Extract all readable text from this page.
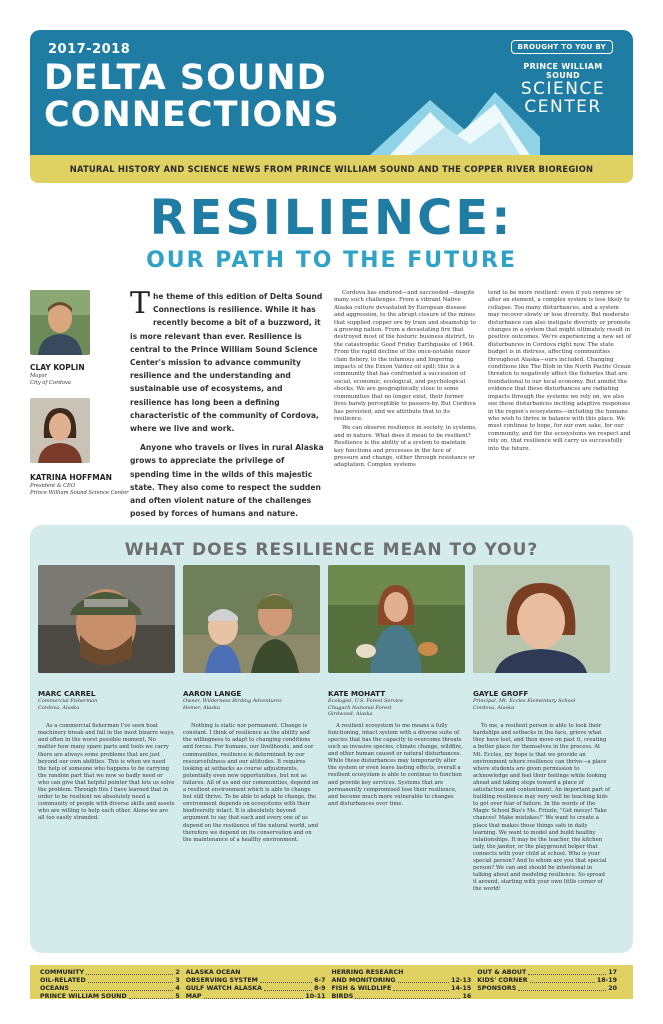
2017-2018
DELTA SOUND
CONNECTIONS
BROUGHT TO YOU BY
PRINCE WILLIAM SOUND
SCIENCE
CENTER
NATURAL HISTORY AND SCIENCE NEWS FROM PRINCE WILLIAM SOUND AND THE COPPER RIVER BIOREGION
RESILIENCE:
OUR PATH TO THE FUTURE
CLAY KOPLIN
Mayor
City of Cordova
KATRINA HOFFMAN
President & CEO
Prince William Sound Science Center

The theme of this edition of Delta Sound Connections is resilience. While it has recently become a bit of a buzzword, it is more relevant than ever. Resilience is central to the Prince William Sound Science Center's mission to advance community resilience and the understanding and sustainable use of ecosystems, and resilience has long been a defining characteristic of the community of Cordova, where we live and work.

Anyone who travels or lives in rural Alaska grows to appreciate the privilege of spending time in the wilds of this majestic state. They also come to respect the sudden and often violent nature of the challenges posed by forces of humans and nature.

Cordova has endured—and succeeded—despite many such challenges. From a vibrant Native Alaska culture devastated by European disease and aggression, to the abrupt closure of the mines that supplied copper ore by train and steamship to a growing nation. From a devastating fire that destroyed most of the historic business district, to the catastrophic Good Friday Earthquake of 1964. From the rapid decline of the once-notable razor clam fishery, to the infamous and lingering impacts of the Exxon Valdez oil spill; this is a community that has confronted a succession of social, economic, ecological, and psychological shocks. We are geographically close to some communities that no longer exist, their former lives barely perceptible to passers-by. But Cordova has persisted, and we attribute that to its resilience.

We can observe resilience in society, in systems, and in nature. What does it mean to be resilient? Resilience is the ability of a system to maintain key functions and processes in the face of pressure and change, either through resistance or adaptation. Complex systems

tend to be more resilient: even if you remove or alter an element, a complex system is less likely to collapse. Too many disturbances, and a system may recover slowly or lose diversity. But moderate disturbance can also instigate diversity or promote changes in a system that might ultimately result in positive outcomes. We're experiencing a new set of disturbances in Cordova right now. The state budget is in distress, affecting communities throughout Alaska—ours included. Changing conditions like The Blob in the North Pacific Ocean threaten to negatively affect the fisheries that are foundational to our local economy. But amidst the evidence that these disturbances are radiating impacts through the systems we rely on, we also see these disturbances inciting adaptive responses in the region's ecosystems—including the humans who wish to thrive in balance with this place. We must continue to hope, for our own sake, for our community, and for the ecosystems we respect and rely on, that resilience will carry us successfully into the future.

WHAT DOES RESILIENCE MEAN TO YOU?
MARC CARREL
Commercial Fisherman
Cordova, Alaska
As a commercial fisherman I've seen boat machinery break and fail in the most bizarre ways, and often in the worst possible moment. No matter how many spare parts and tools we carry there are always some problems that are just beyond our own abilities. This is when we need the help of someone who happens to be carrying the random part that we now so badly need or who can give that helpful pointer that lets us solve the problem. Through this I have learned that in order to be resilient we absolutely need a community of people with diverse skills and assets who are willing to help each other. Alone we are all too easily stranded.
AARON LANGE
Owner, Wilderness Birding Adventures
Homer, Alaska
Nothing is static nor permanent. Change is constant. I think of resilience as the ability and the willingness to adapt to changing conditions and forces. For humans, our livelihoods, and our communities, resilience is determined by our resourcefulness and our attitudes. It requires looking at setbacks as course adjustments, potentially even new opportunities, but not as failures. All of us and our communities, depend on a resilient environment which is able to change but still thrive. To be able to adapt to change, the environment depends on ecosystems with their biodiversity intact. It is absolutely beyond argument to say that each and every one of us depend on the resilience of the natural world, and therefore we depend on its conservation and on the maintenance of a healthy environment.
KATE MOHATT
Ecologist, U.S. Forest Service
Chugach National Forest
Girdwood, Alaska
A resilient ecosystem to me means a fully functioning, intact system with a diverse suite of species that has the capacity to overcome threats such as invasive species, climate change, wildfire, and other human caused or natural disturbances. While these disturbances may temporarily alter the system or even leave lasting effects, overall a resilient ecosystem is able to continue to function and provide key services. Systems that are permanently compromised lose their resilience, and become much more vulnerable to changes and disturbances over time.
GAYLE GROFF
Principal, Mt. Eccles Elementary School
Cordova, Alaska
To me, a resilient person is able to look their hardships and setbacks in the face, grieve what they have lost, and then move on past it, creating a better place for themselves in the process. At Mt. Eccles, my hope is that we provide an environment where resilience can thrive—a place where students are given permission to acknowledge and feel their feelings while looking ahead and taking steps toward a place of satisfaction and contentment. An important part of building resilience may very well be teaching kids to get over fear of failure. In the words of the Magic School Bus's Ms. Frizzle, "Get messy! Take chances! Make mistakes!" We want to create a place that makes those things safe in daily learning. We want to model and build healthy relationships. It may be the teacher, the kitchen lady, the janitor, or the playground helper that connects with your child at school. Who is your special person? And to whom are you that special person? We can and should be intentional in talking about and modeling resilience. So spread it around, starting with your own little corner of the world!
COMMUNITY	2
OIL-RELATED	3
OCEANS	4
PRINCE WILLIAM SOUND	5
ALASKA OCEAN
OBSERVING SYSTEM	6-7
GULF WATCH ALASKA	8-9
MAP	10-11
HERRING RESEARCH
AND MONITORING	12-13
FISH & WILDLIFE	14-15
BIRDS	16
OUT & ABOUT	17
KIDS' CORNER	18-19
SPONSORS	20
